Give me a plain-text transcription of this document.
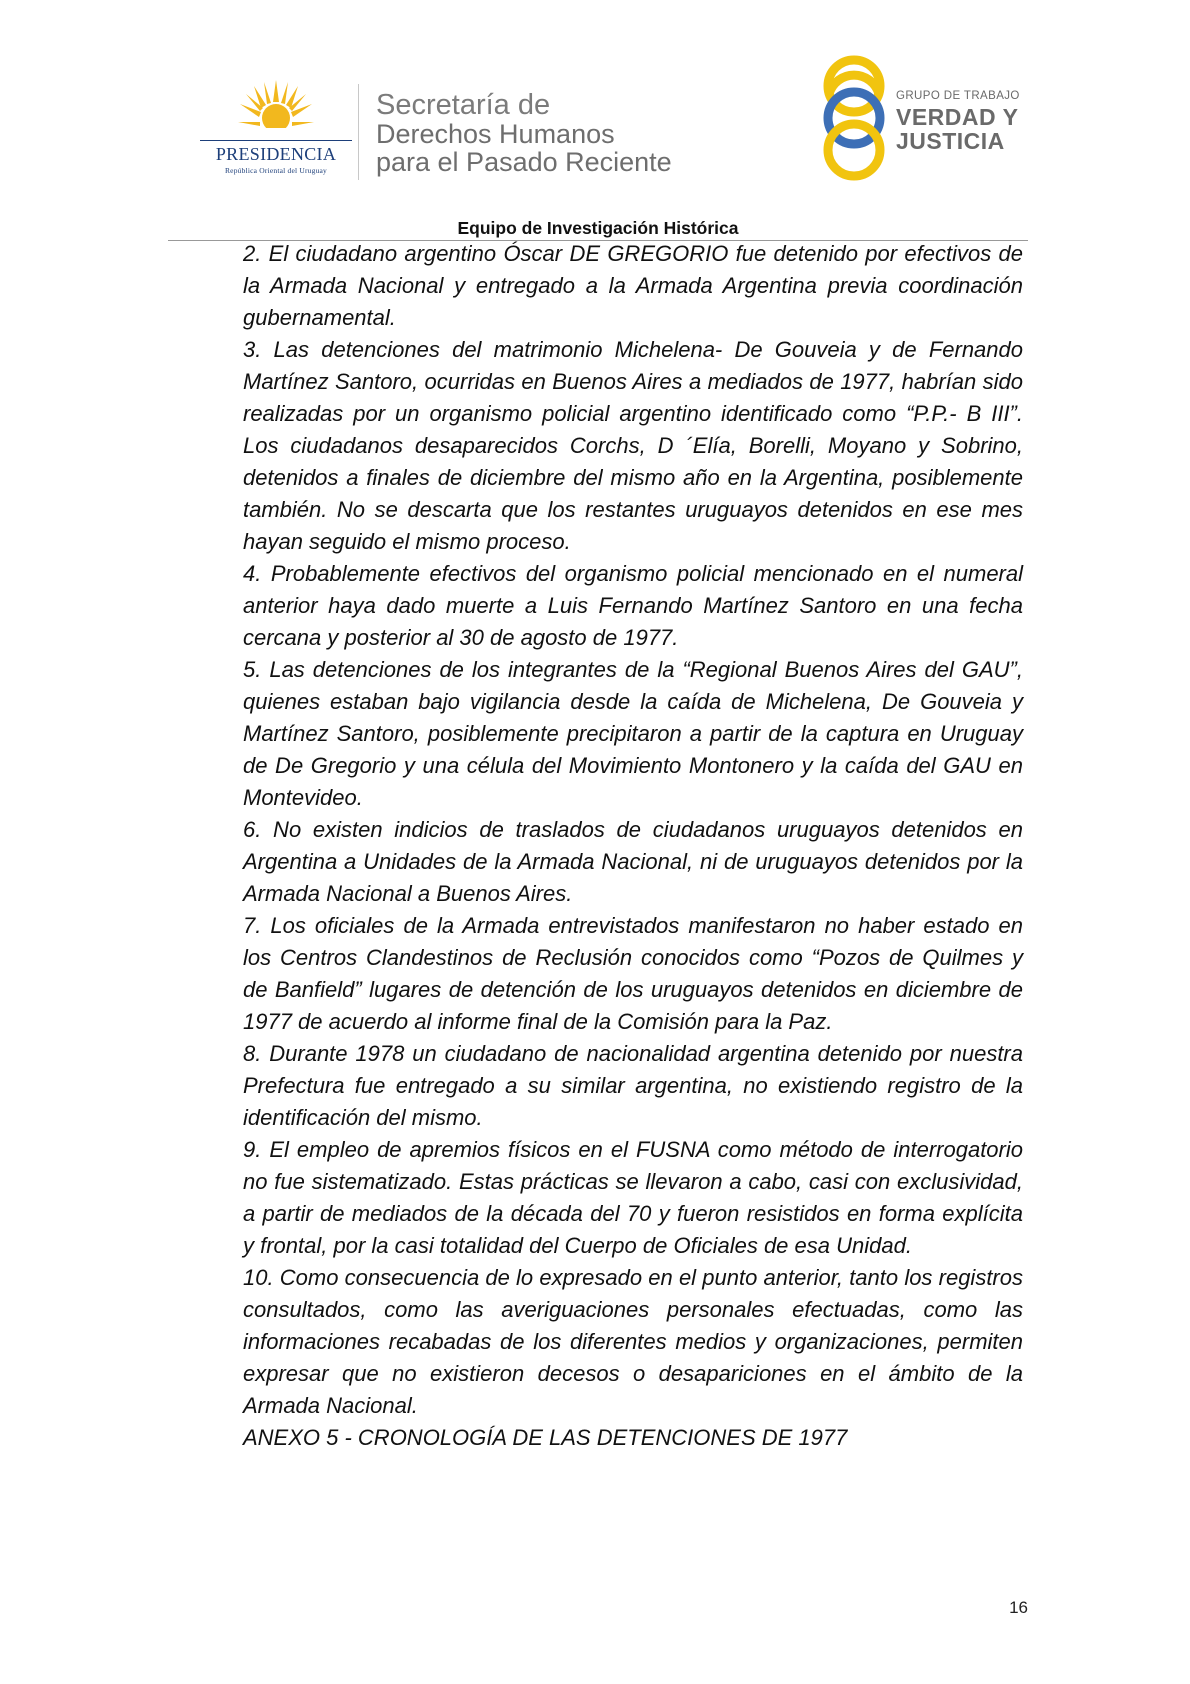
PRESIDENCIA
República Oriental del Uruguay
Secretaría de
Derechos Humanos
para el Pasado Reciente
GRUPO DE TRABAJO
VERDAD Y
JUSTICIA
Equipo de Investigación Histórica

2. El ciudadano argentino Óscar DE GREGORIO fue detenido por efectivos de la Armada Nacional y entregado a la Armada Argentina previa coordinación gubernamental.

3. Las detenciones del matrimonio Michelena- De Gouveia y de Fernando Martínez Santoro, ocurridas en Buenos Aires a mediados de 1977, habrían sido realizadas por un organismo policial argentino identificado como “P.P.- B III”. Los ciudadanos desaparecidos Corchs, D ´Elía, Borelli, Moyano y Sobrino, detenidos a finales de diciembre del mismo año en la Argentina, posiblemente también. No se descarta que los restantes uruguayos detenidos en ese mes hayan seguido el mismo proceso.

4. Probablemente efectivos del organismo policial mencionado en el numeral anterior haya dado muerte a Luis Fernando Martínez Santoro en una fecha cercana y posterior al 30 de agosto de 1977.

5. Las detenciones de los integrantes de la “Regional Buenos Aires del GAU”, quienes estaban bajo vigilancia desde la caída de Michelena, De Gouveia y Martínez Santoro, posiblemente precipitaron a partir de la captura en Uruguay de De Gregorio y una célula del Movimiento Montonero y la caída del GAU en Montevideo.

6. No existen indicios de traslados de ciudadanos uruguayos detenidos en Argentina a Unidades de la Armada Nacional, ni de uruguayos detenidos por la Armada Nacional a Buenos Aires.

7. Los oficiales de la Armada entrevistados manifestaron no haber estado en los Centros Clandestinos de Reclusión conocidos como “Pozos de Quilmes y de Banfield” lugares de detención de los uruguayos detenidos en diciembre de 1977 de acuerdo al informe final de la Comisión para la Paz.

8. Durante 1978 un ciudadano de nacionalidad argentina detenido por nuestra Prefectura fue entregado a su similar argentina, no existiendo registro de la identificación del mismo.

9. El empleo de apremios físicos en el FUSNA como método de interrogatorio no fue sistematizado. Estas prácticas se llevaron a cabo, casi con exclusividad, a partir de mediados de la década del 70 y fueron resistidos en forma explícita y frontal, por la casi totalidad del Cuerpo de Oficiales de esa Unidad.

10. Como consecuencia de lo expresado en el punto anterior, tanto los registros consultados, como las averiguaciones personales efectuadas, como las informaciones recabadas de los diferentes medios y organizaciones, permiten expresar que no existieron decesos o desapariciones en el ámbito de la Armada Nacional.

ANEXO 5 - CRONOLOGÍA DE LAS DETENCIONES DE 1977

16
